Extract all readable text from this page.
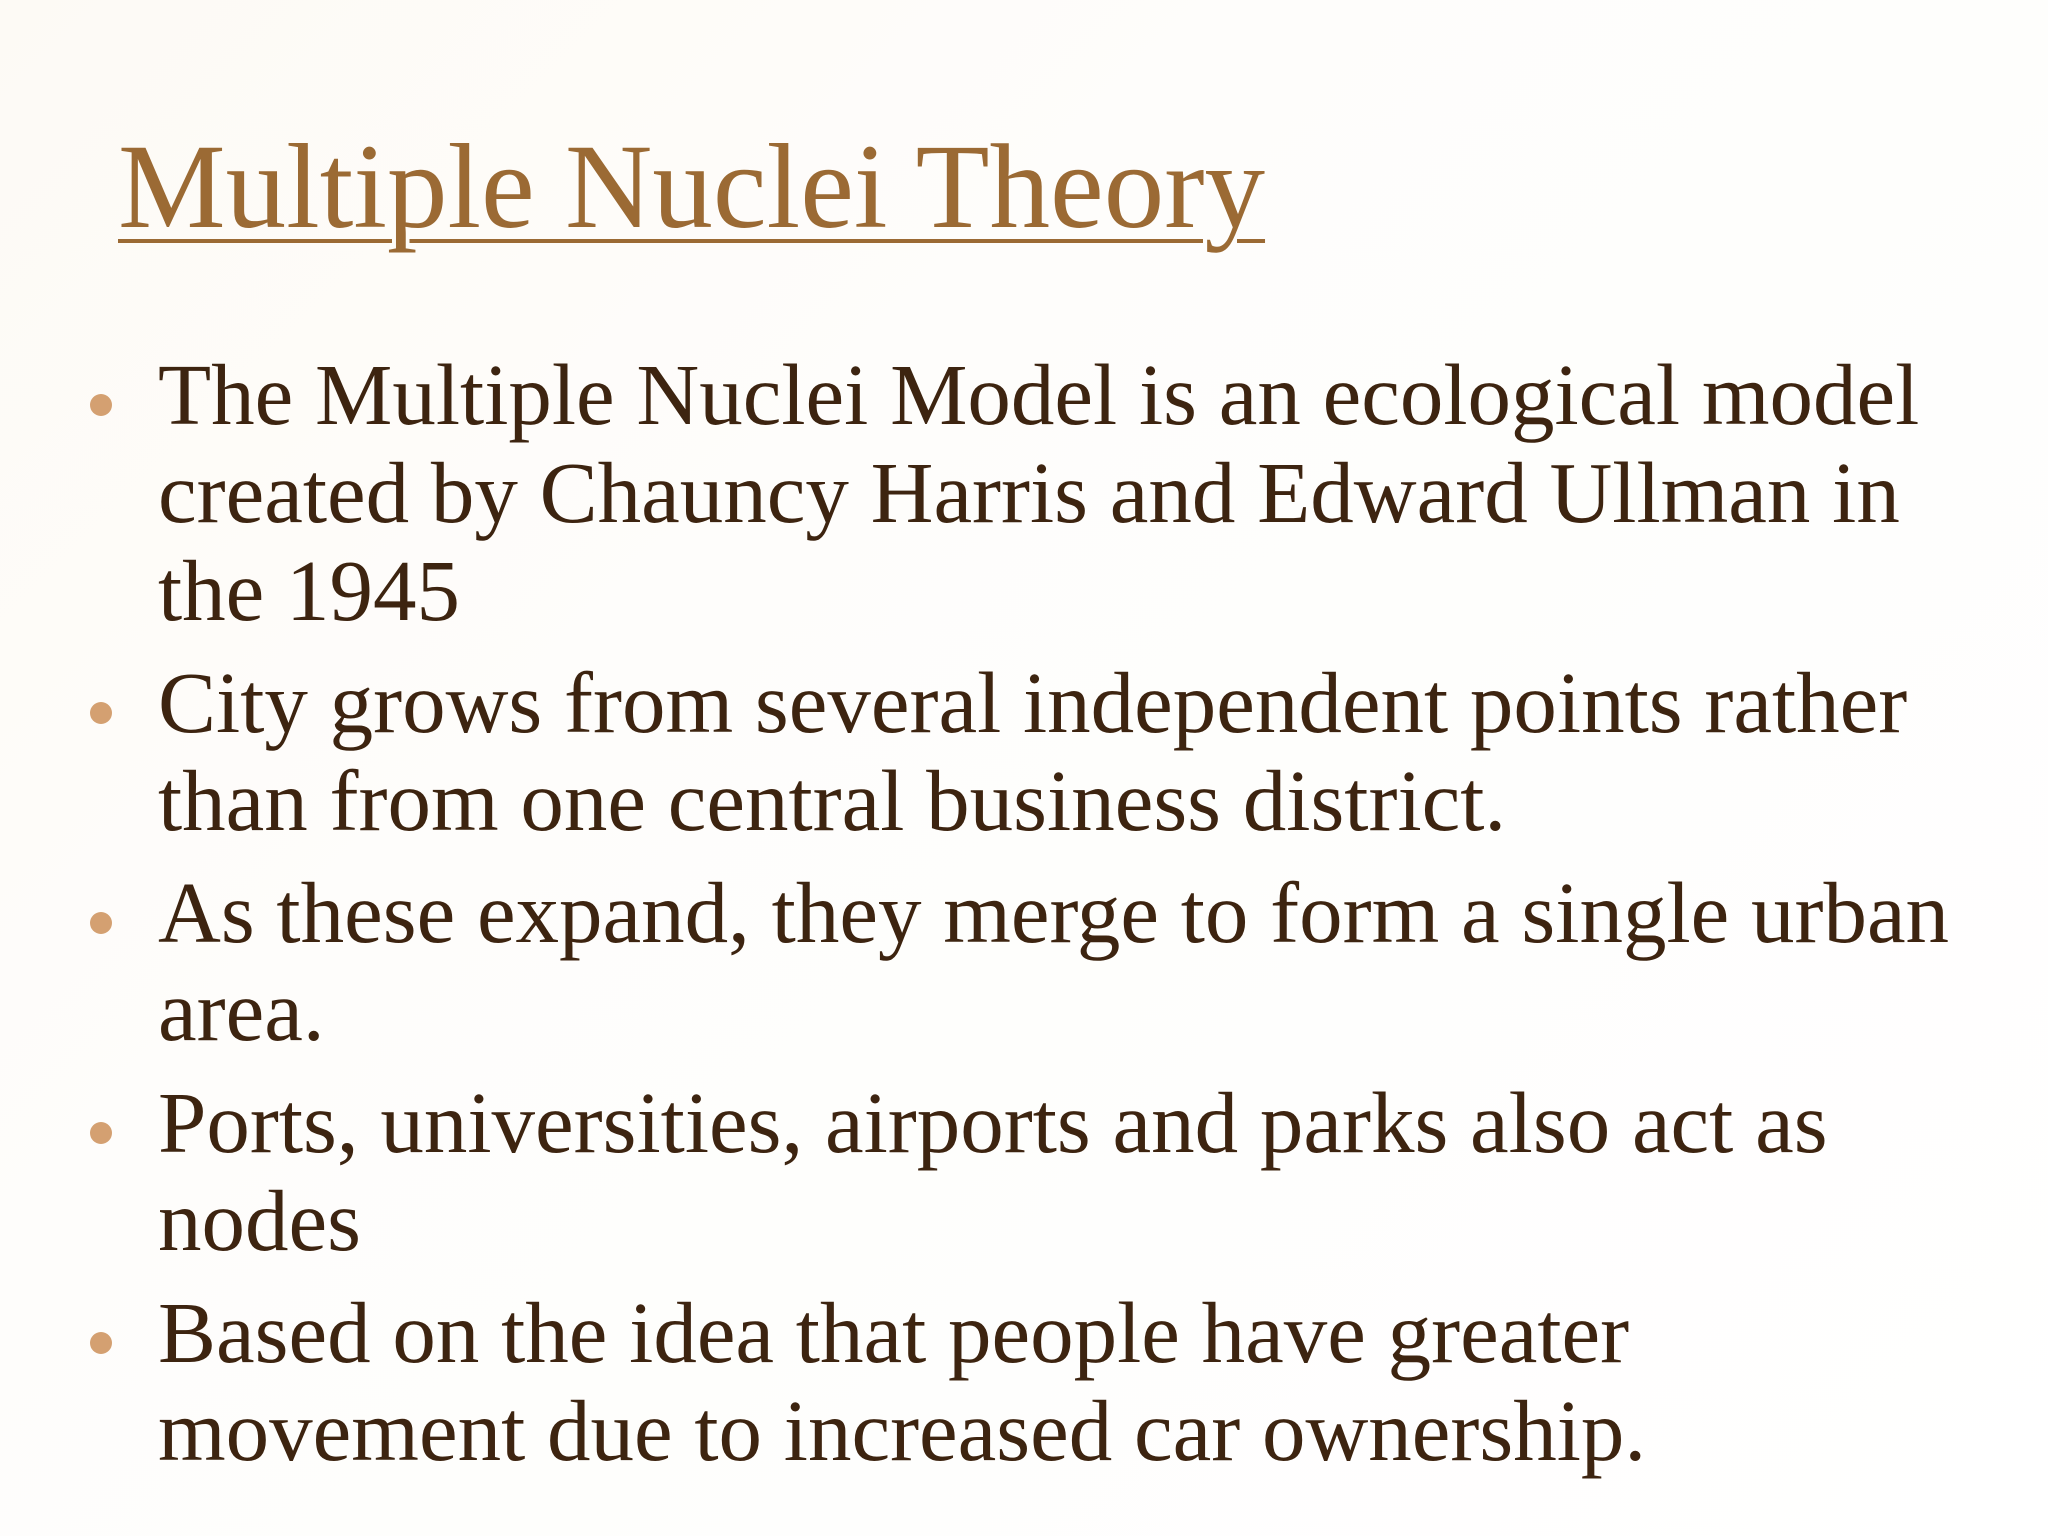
Multiple Nuclei Theory
The Multiple Nuclei Model is an ecological model created by Chauncy Harris and Edward Ullman in the 1945
City grows from several independent points rather than from one central business district.
As these expand, they merge to form a single urban area.
Ports, universities, airports and parks also act as nodes
Based on the idea that people have greater movement due to increased car ownership.
